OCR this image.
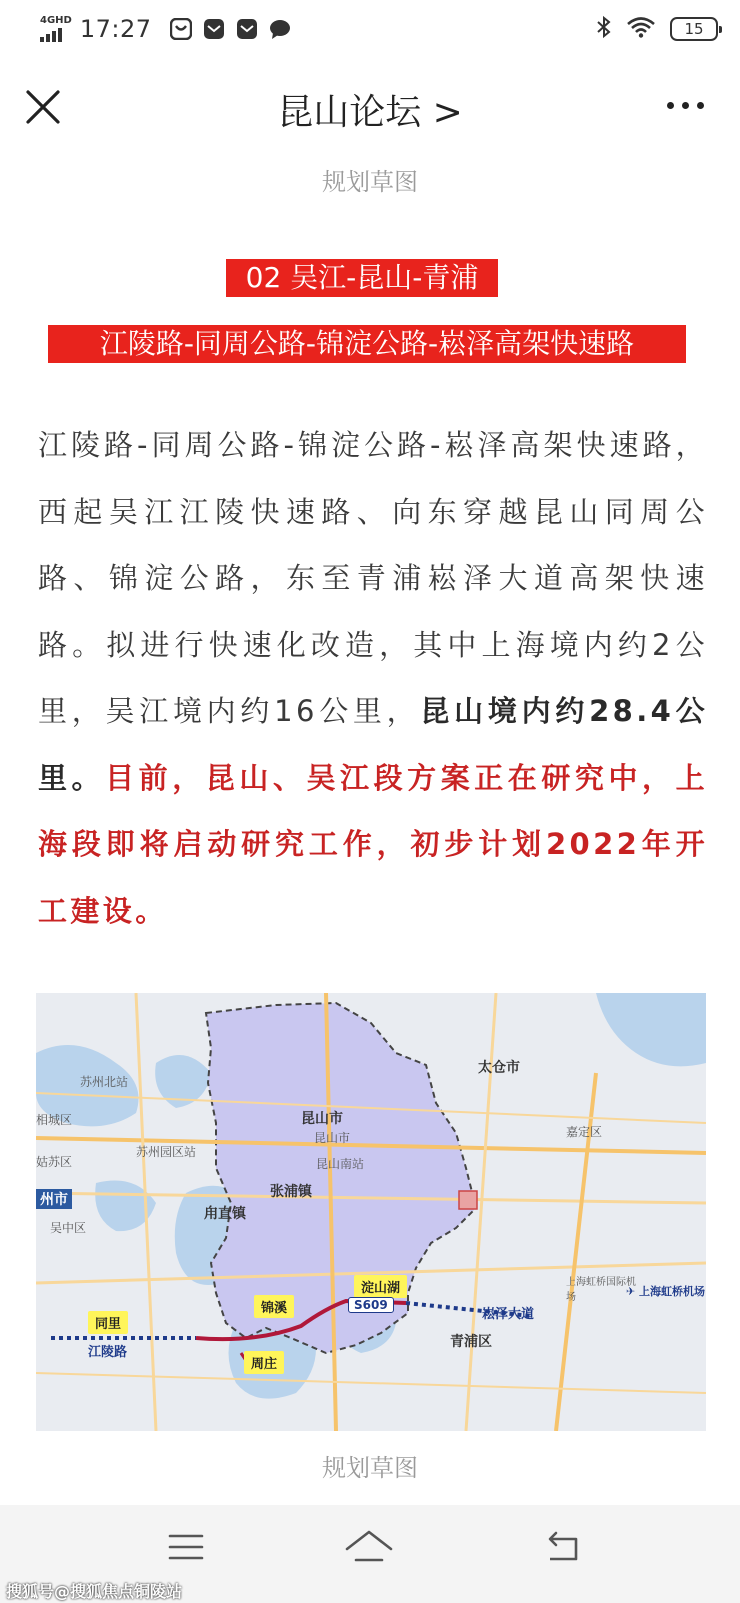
4GHD 17:27	15
昆山论坛 >
规划草图
02 吴江-昆山-青浦
江陵路-同周公路-锦淀公路-崧泽高架快速路
江陵路-同周公路-锦淀公路-崧泽高架快速路，西起吴江江陵快速路、向东穿越昆山同周公路、锦淀公路，东至青浦崧泽大道高架快速路。拟进行快速化改造，其中上海境内约2公里，吴江境内约16公里，昆山境内约28.4公里。目前，昆山、吴江段方案正在研究中，上海段即将启动研究工作，初步计划2022年开工建设。
昆山市
昆山市
昆山南站
太仓市
嘉定区
张浦镇
甪直镇
苏州北站
苏州园区站
相城区
姑苏区
州市
吴中区
青浦区
上海虹桥国际机场	✈ 上海虹桥机场
同里
锦溪
淀山湖
周庄
S609
江陵路
崧泽大道
规划草图
搜狐号@搜狐焦点铜陵站
